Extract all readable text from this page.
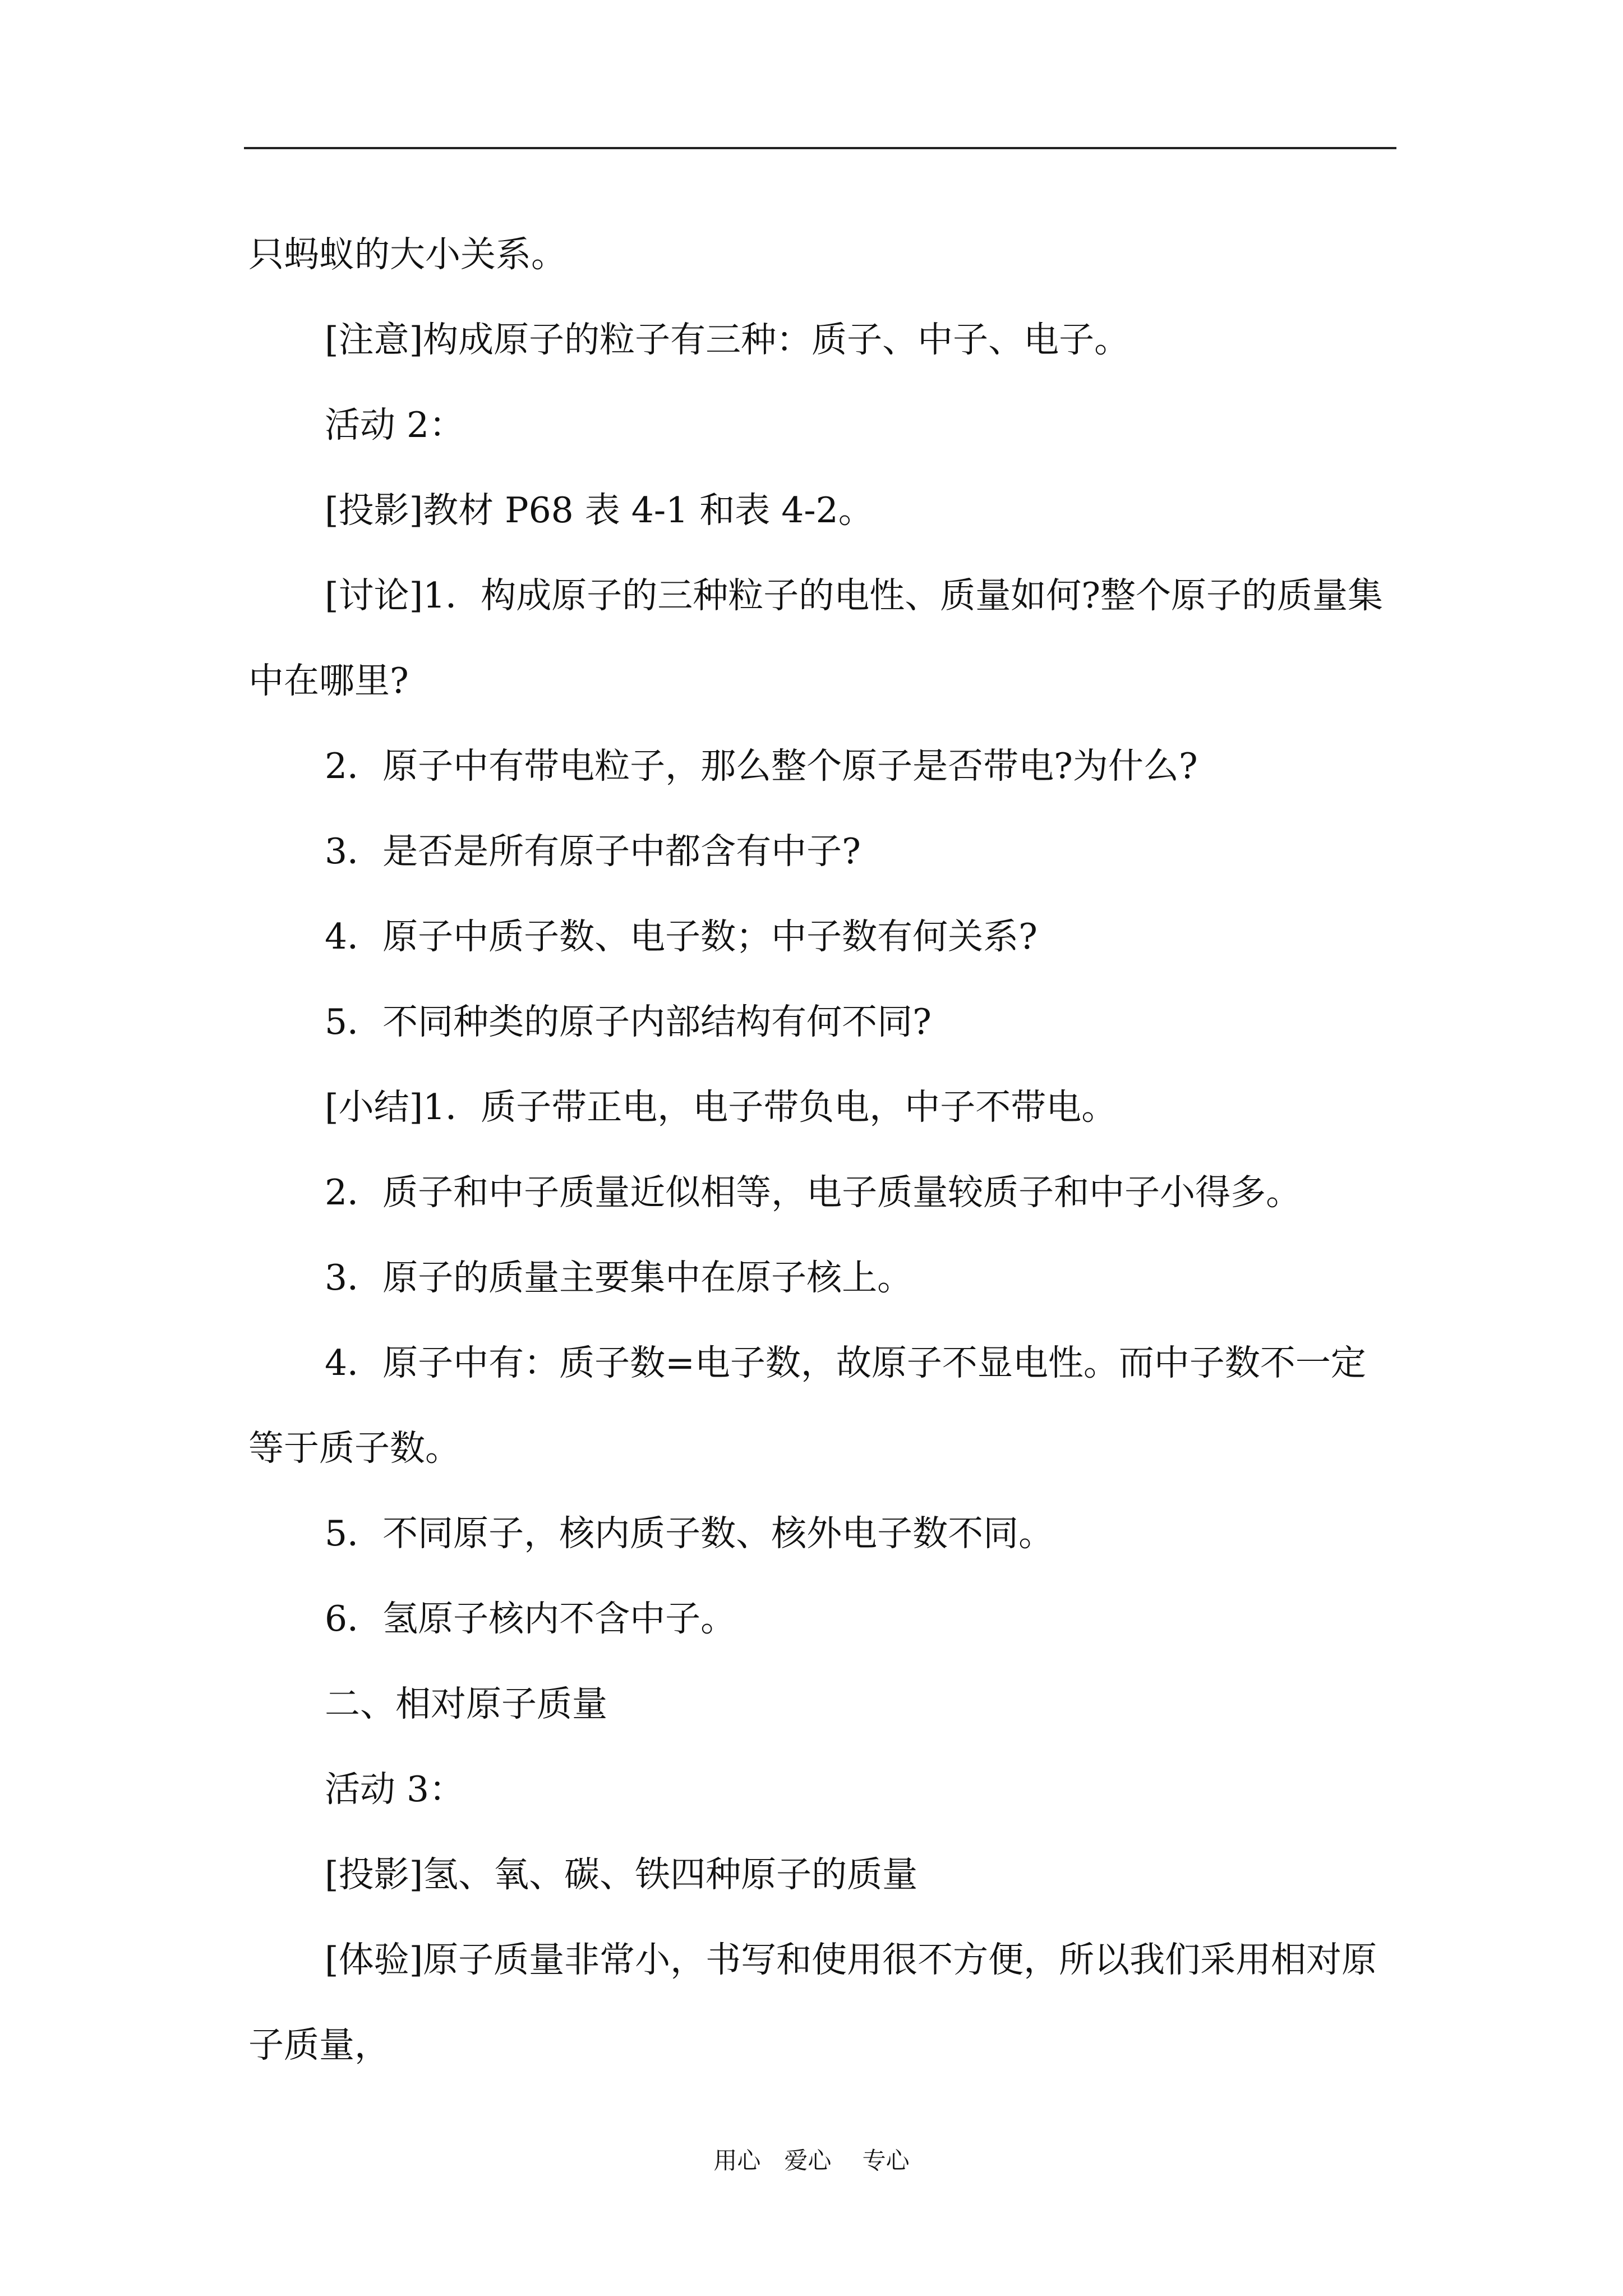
只蚂蚁的大小关系。

[注意]构成原子的粒子有三种：质子、中子、电子。

活动 2：

[投影]教材 P68 表 4-1 和表 4-2。

[讨论]1．构成原子的三种粒子的电性、质量如何?整个原子的质量集中在哪里?

2．原子中有带电粒子，那么整个原子是否带电?为什么?

3．是否是所有原子中都含有中子?

4．原子中质子数、电子数；中子数有何关系?

5．不同种类的原子内部结构有何不同?

[小结]1．质子带正电，电子带负电，中子不带电。

2．质子和中子质量近似相等，电子质量较质子和中子小得多。

3．原子的质量主要集中在原子核上。

4．原子中有：质子数=电子数，故原子不显电性。而中子数不一定等于质子数。

5．不同原子，核内质子数、核外电子数不同。

6．氢原子核内不含中子。

二、相对原子质量

活动 3：

[投影]氢、氧、碳、铁四种原子的质量

[体验]原子质量非常小，书写和使用很不方便，所以我们采用相对原子质量，

用心　爱心　 专心
